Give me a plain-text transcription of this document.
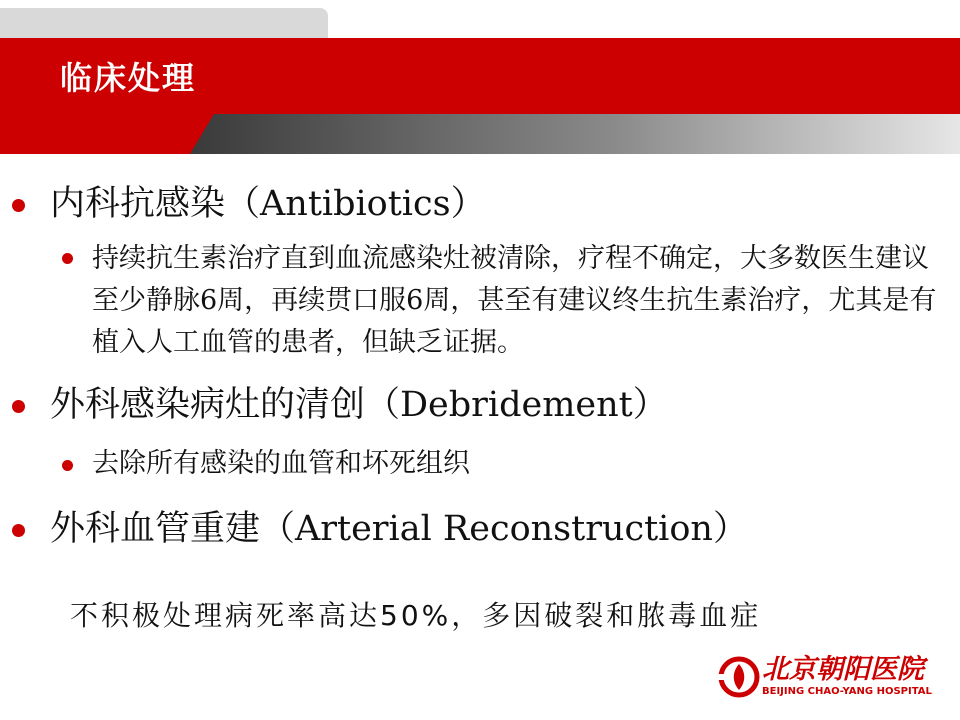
临床处理
内科抗感染（Antibiotics）
持续抗生素治疗直到血流感染灶被清除，疗程不确定，大多数医生建议至少静脉6周，再续贯口服6周，甚至有建议终生抗生素治疗，尤其是有植入人工血管的患者，但缺乏证据。
外科感染病灶的清创（Debridement）
去除所有感染的血管和坏死组织
外科血管重建（Arterial Reconstruction）
不积极处理病死率高达50%，多因破裂和脓毒血症
北京朝阳医院
BEIJING CHAO-YANG HOSPITAL
